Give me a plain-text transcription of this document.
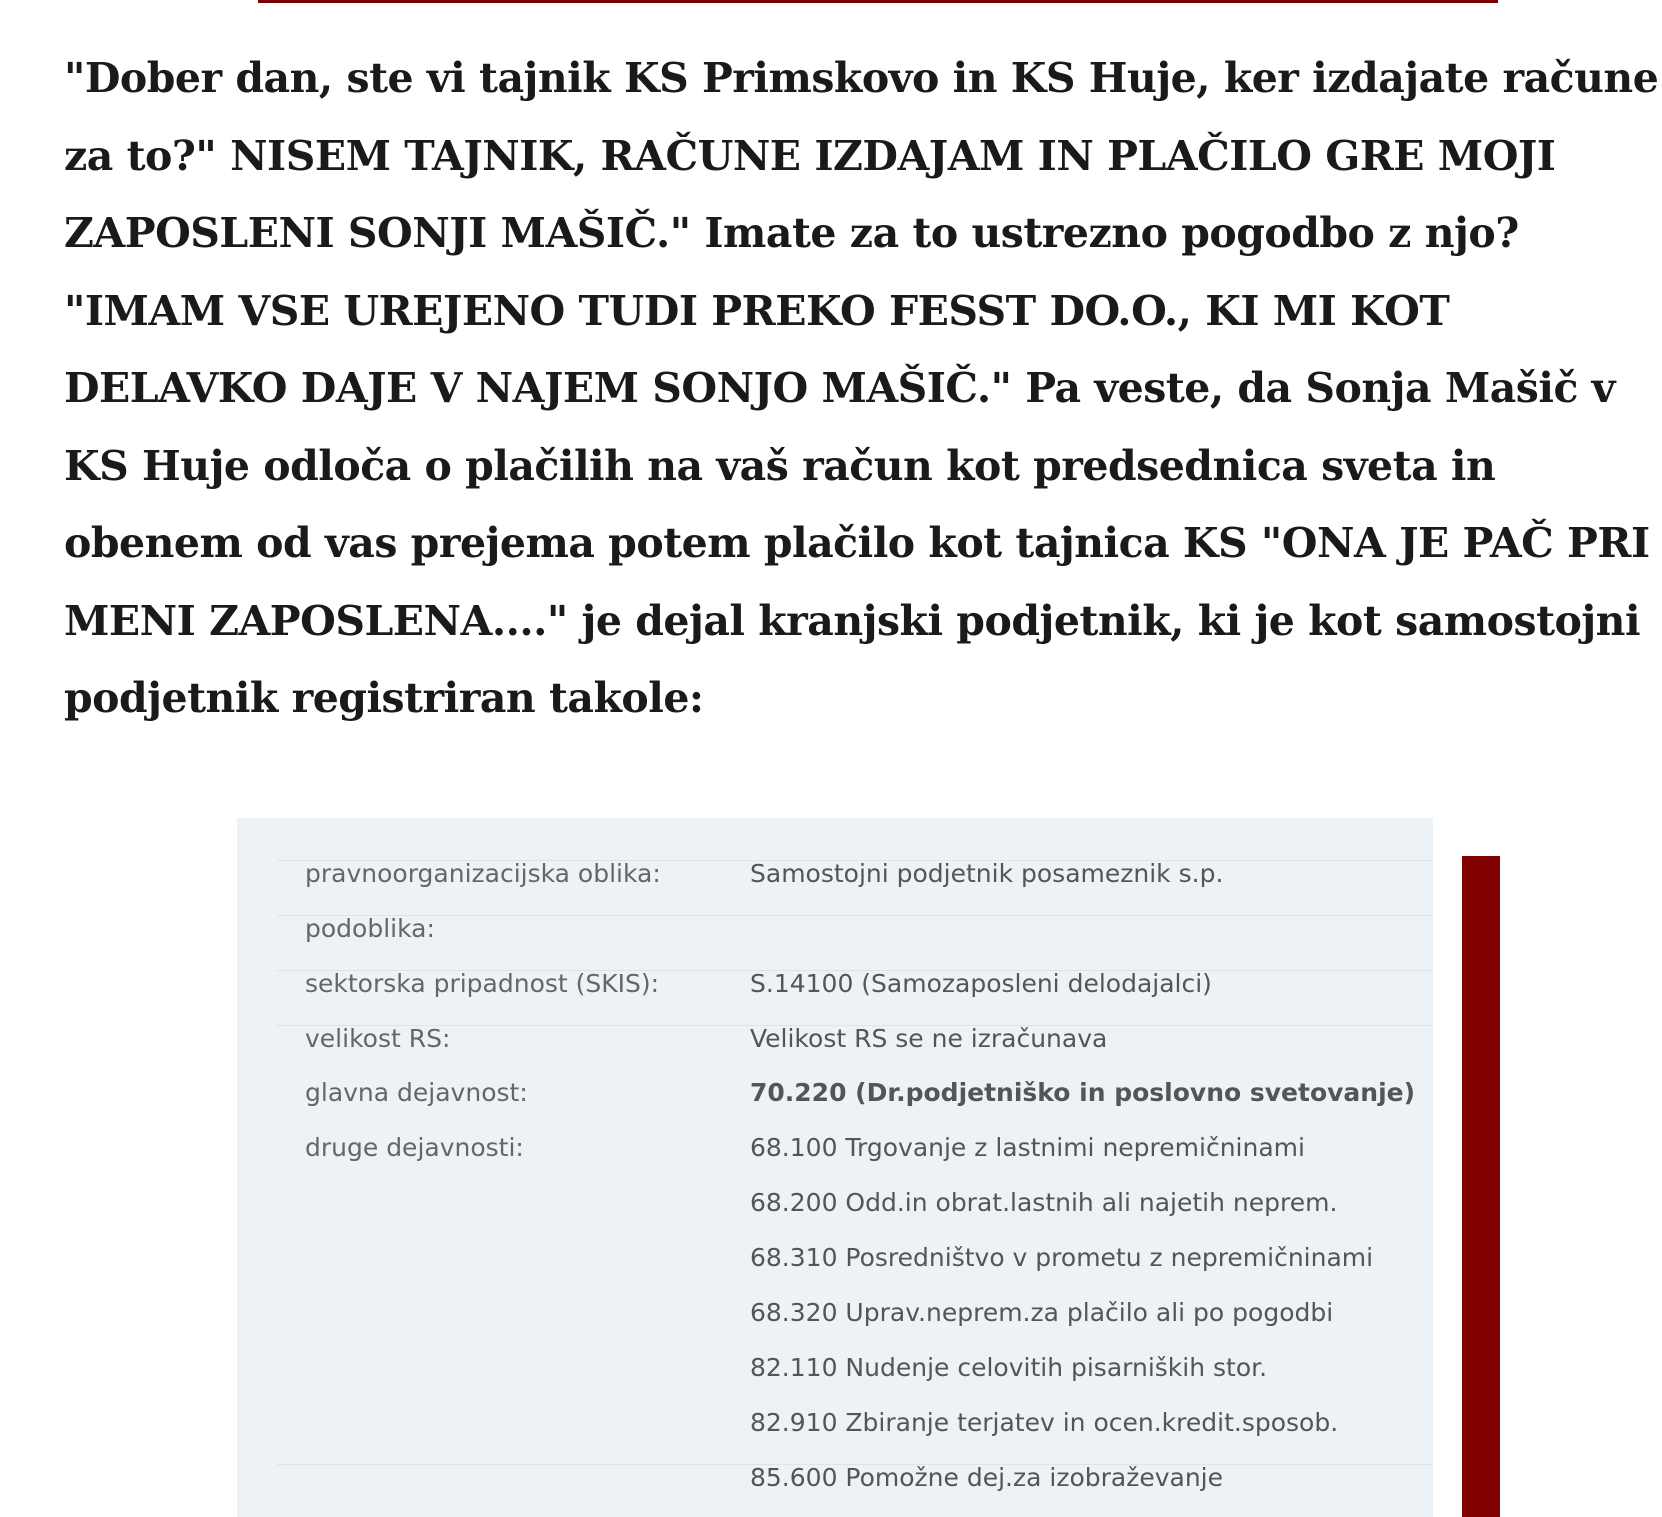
"Dober dan, ste vi tajnik KS Primskovo in KS Huje, ker izdajate račune
za to?" NISEM TAJNIK, RAČUNE IZDAJAM IN PLAČILO GRE MOJI
ZAPOSLENI SONJI MAŠIČ." Imate za to ustrezno pogodbo z njo?
"IMAM VSE UREJENO TUDI PREKO FESST DO.O., KI MI KOT
DELAVKO DAJE V NAJEM SONJO MAŠIČ." Pa veste, da Sonja Mašič v
KS Huje odloča o plačilih na vaš račun kot predsednica sveta in
obenem od vas prejema potem plačilo kot tajnica KS "ONA JE PAČ PRI
MENI ZAPOSLENA...." je dejal kranjski podjetnik, ki je kot samostojni
podjetnik registriran takole:

pravnoorganizacijska oblika:	Samostojni podjetnik posameznik s.p.
podoblika:
sektorska pripadnost (SKIS):	S.14100 (Samozaposleni delodajalci)
velikost RS:	Velikost RS se ne izračunava
glavna dejavnost:	70.220 (Dr.podjetniško in poslovno svetovanje)
druge dejavnosti:	68.100 Trgovanje z lastnimi nepremičninami
68.200 Odd.in obrat.lastnih ali najetih neprem.
68.310 Posredništvo v prometu z nepremičninami
68.320 Uprav.neprem.za plačilo ali po pogodbi
82.110 Nudenje celovitih pisarniških stor.
82.910 Zbiranje terjatev in ocen.kredit.sposob.
85.600 Pomožne dej.za izobraževanje
